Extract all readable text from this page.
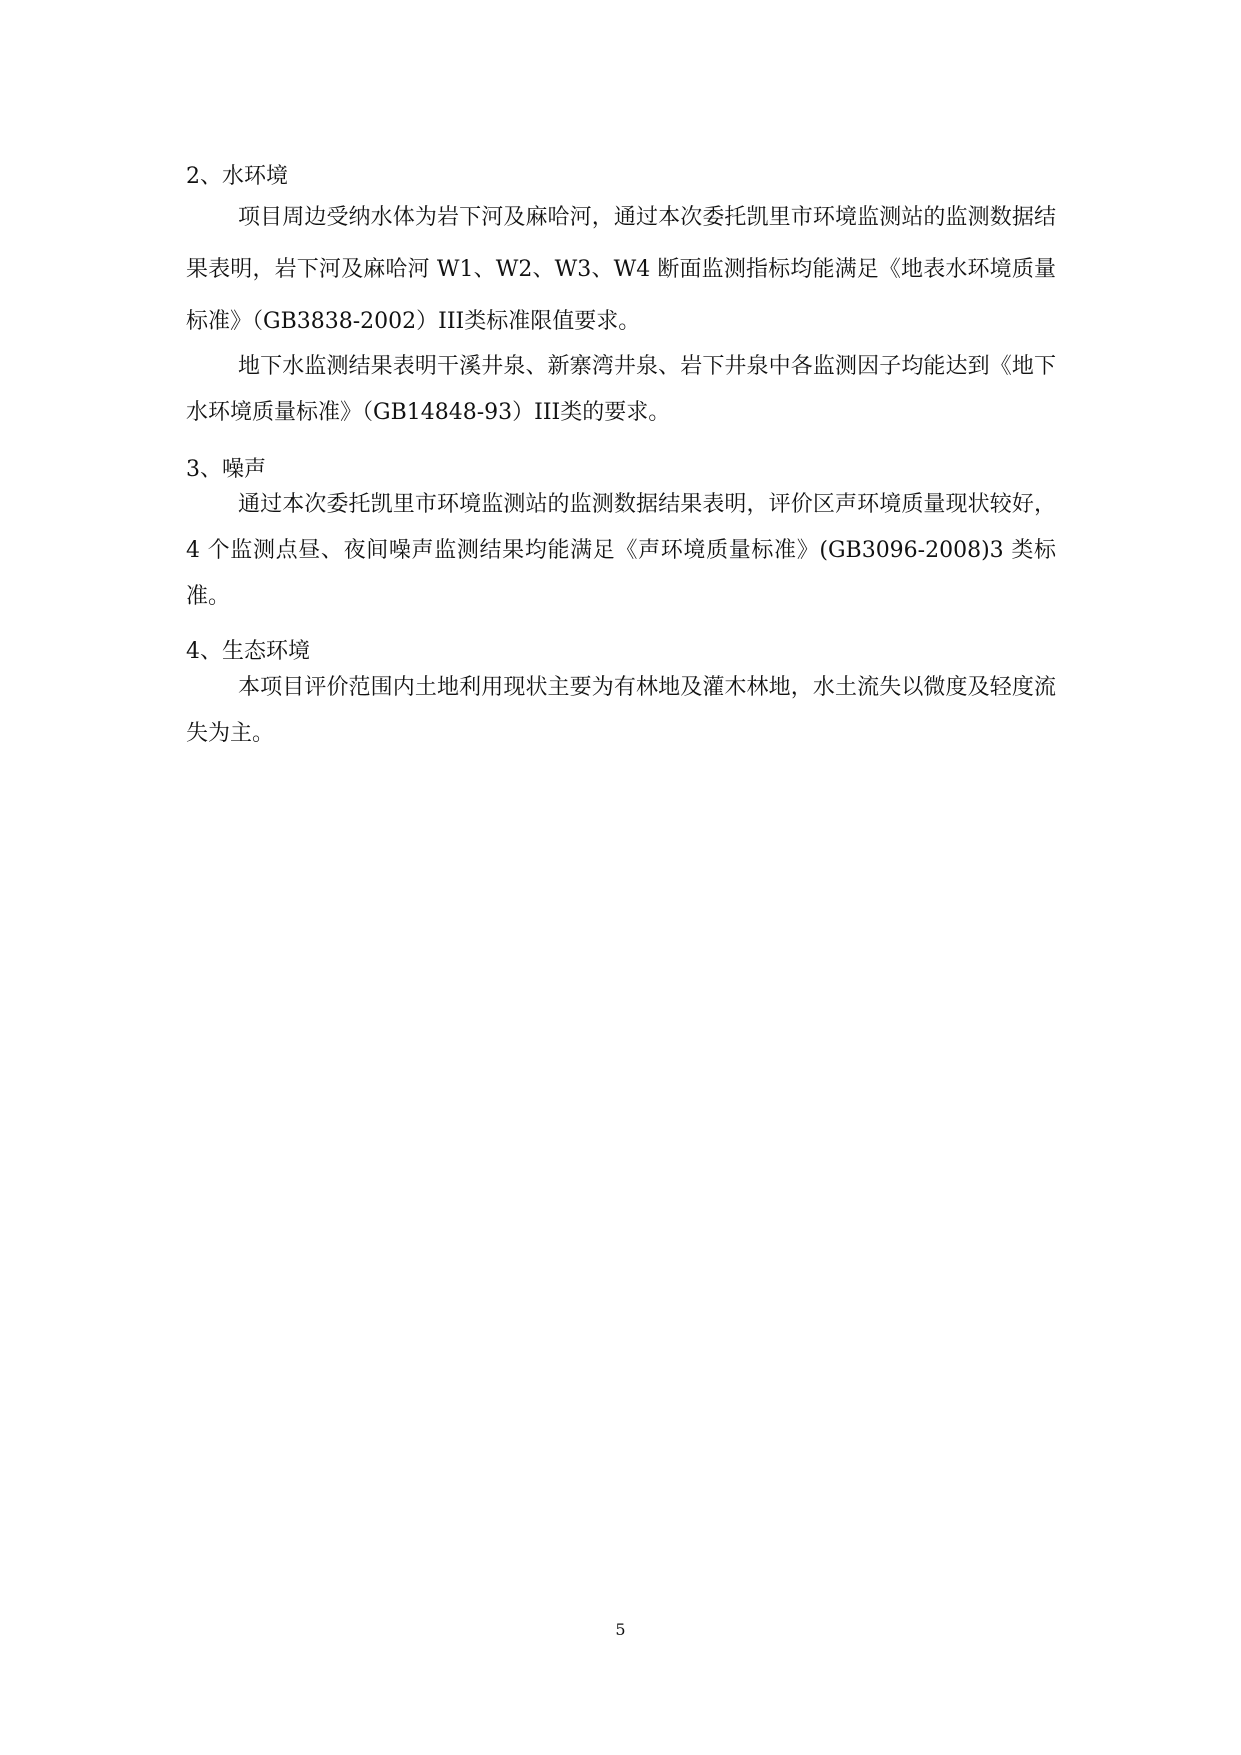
2、水环境

项目周边受纳水体为岩下河及麻哈河，通过本次委托凯里市环境监测站的监测数据结果表明，岩下河及麻哈河 W1、W2、W3、W4 断面监测指标均能满足《地表水环境质量标准》（GB3838-2002）III类标准限值要求。

地下水监测结果表明干溪井泉、新寨湾井泉、岩下井泉中各监测因子均能达到《地下水环境质量标准》（GB14848-93）III类的要求。

3、噪声

通过本次委托凯里市环境监测站的监测数据结果表明，评价区声环境质量现状较好，4 个监测点昼、夜间噪声监测结果均能满足《声环境质量标准》(GB3096-2008)3 类标准。

4、生态环境

本项目评价范围内土地利用现状主要为有林地及灌木林地，水土流失以微度及轻度流失为主。

5
